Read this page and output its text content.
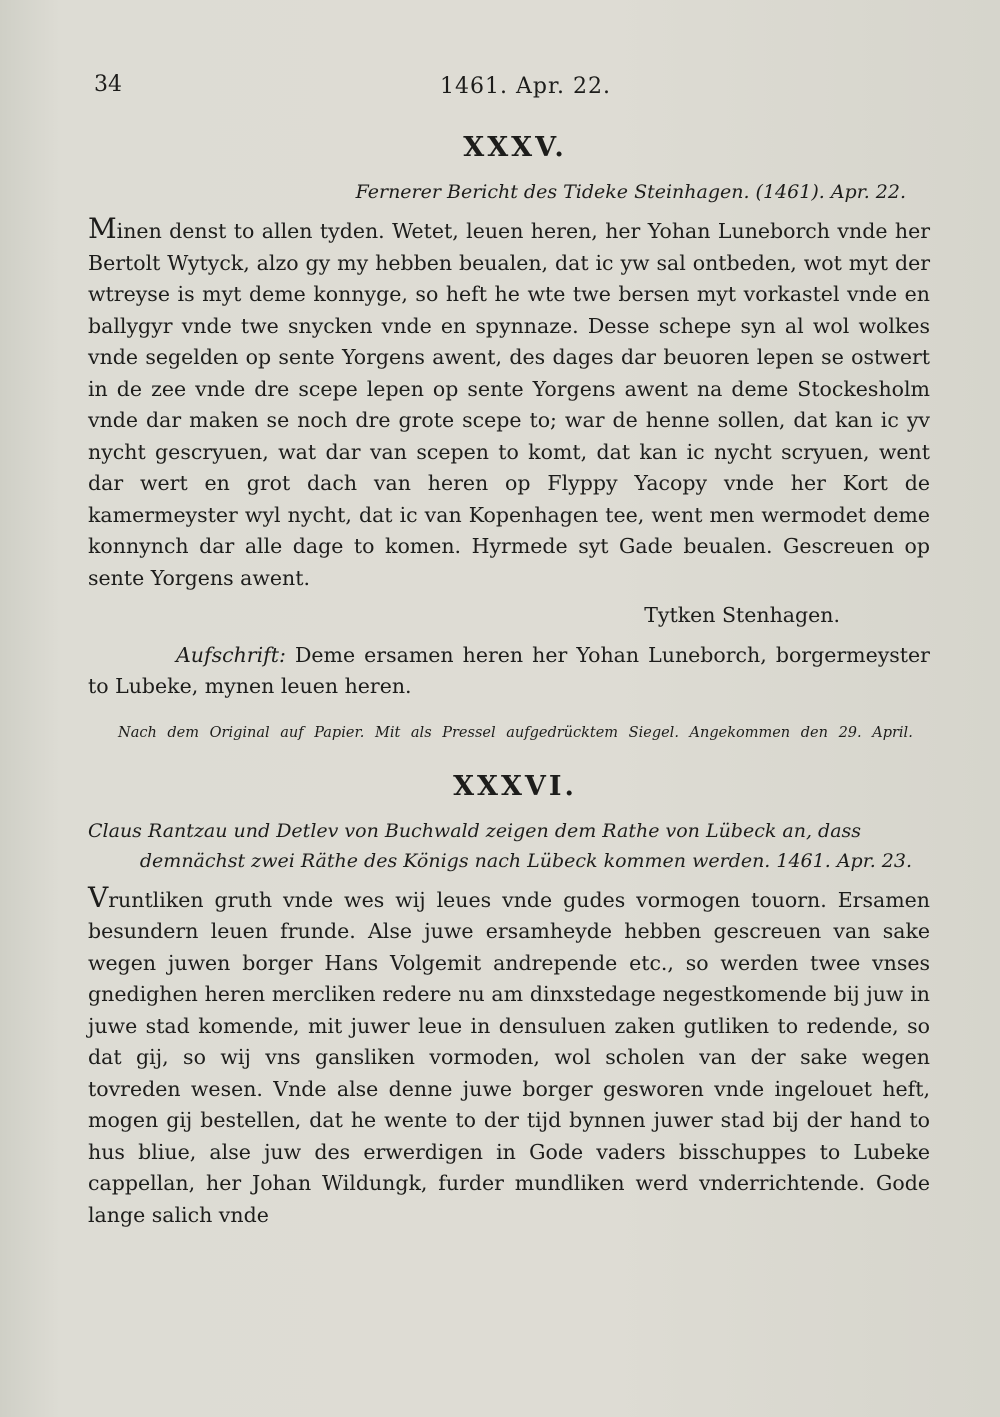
34	1461. Apr. 22.
XXXV.
Fernerer Bericht des Tideke Steinhagen. (1461). Apr. 22.

Minen denst to allen tyden. Wetet, leuen heren, her Yohan Luneborch vnde her Bertolt Wytyck, alzo gy my hebben beualen, dat ic yw sal ontbeden, wot myt der wtreyse is myt deme konnyge, so heft he wte twe bersen myt vorkastel vnde en ballygyr vnde twe snycken vnde en spynnaze. Desse schepe syn al wol wolkes vnde segelden op sente Yorgens awent, des dages dar beuoren lepen se ostwert in de zee vnde dre scepe lepen op sente Yorgens awent na deme Stockesholm vnde dar maken se noch dre grote scepe to; war de henne sollen, dat kan ic yv nycht gescryuen, wat dar van scepen to komt, dat kan ic nycht scryuen, went dar wert en grot dach van heren op Flyppy Yacopy vnde her Kort de kamermeyster wyl nycht, dat ic van Kopenhagen tee, went men wermodet deme konnynch dar alle dage to komen. Hyrmede syt Gade beualen. Gescreuen op sente Yorgens awent.

Tytken Stenhagen.

Aufschrift: Deme ersamen heren her Yohan Luneborch, borgermeyster to Lubeke, mynen leuen heren.

Nach dem Original auf Papier. Mit als Pressel aufgedrücktem Siegel. Angekommen den 29. April.
XXXVI.
Claus Rantzau und Detlev von Buchwald zeigen dem Rathe von Lübeck an, dass
demnächst zwei Räthe des Königs nach Lübeck kommen werden. 1461. Apr. 23.

Vruntliken gruth vnde wes wij leues vnde gudes vormogen touorn. Ersamen besundern leuen frunde. Alse juwe ersamheyde hebben gescreuen van sake wegen juwen borger Hans Volgemit andrepende etc., so werden twee vnses gnedighen heren mercliken redere nu am dinxstedage negestkomende bij juw in juwe stad komende, mit juwer leue in densuluen zaken gutliken to redende, so dat gij, so wij vns gansliken vormoden, wol scholen van der sake wegen tovreden wesen. Vnde alse denne juwe borger gesworen vnde ingelouet heft, mogen gij bestellen, dat he wente to der tijd bynnen juwer stad bij der hand to hus bliue, alse juw des erwerdigen in Gode vaders bisschuppes to Lubeke cappellan, her Johan Wildungk, furder mundliken werd vnderrichtende. Gode lange salich vnde
